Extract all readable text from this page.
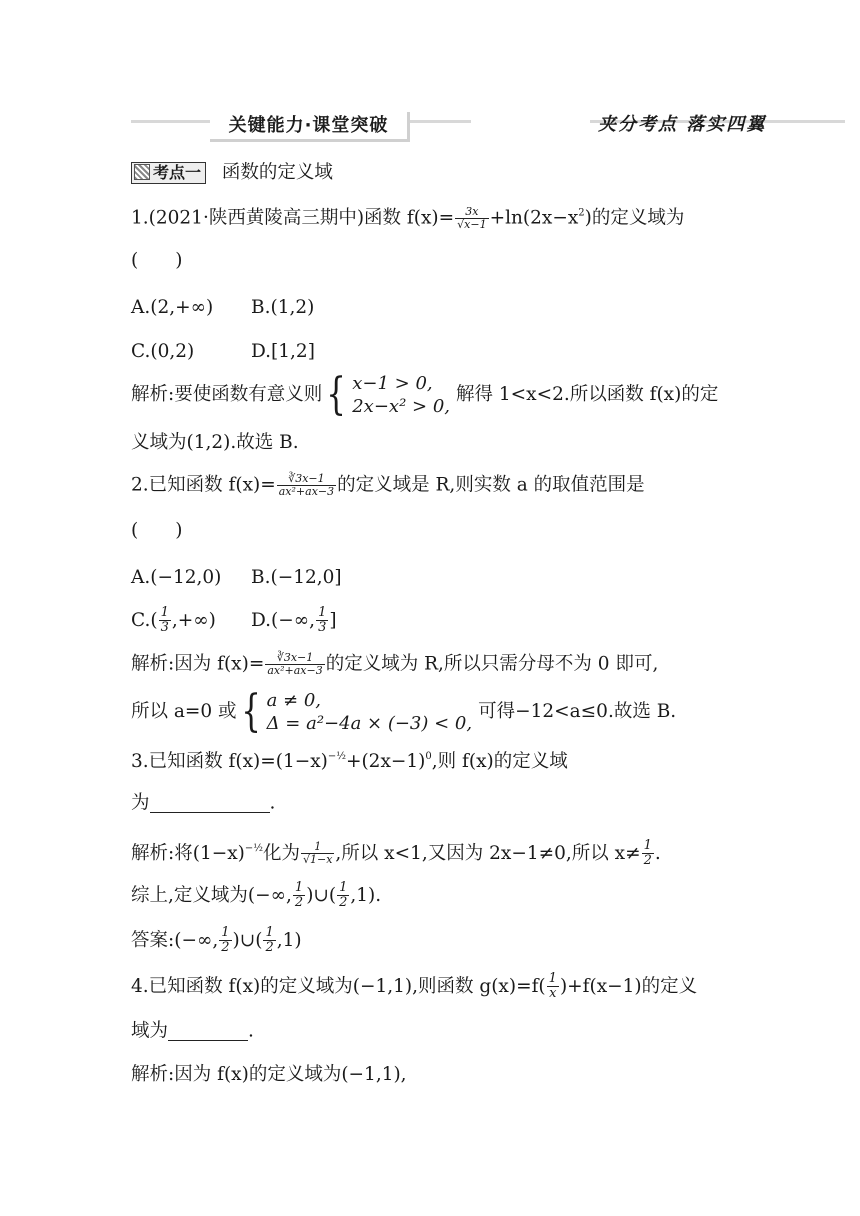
关键能力·课堂突破	夹分考点 落实四翼
考点一 函数的定义域
1.(2021·陕西黄陵高三期中)函数 $f(x)= \frac{3x}{√x-1} +\ln(2x-x^2)$的定义域为
(　　)
A.(2,+∞) B.(1,2)
C.(0,2)	D.[1,2]
解析:要使函数有意义则{ x−1 > 0,
2x−x² > 0,
解得 1<x<2.所以函数 f(x)的定
义域为(1,2).故选 B.
2.已知函数 $f(x)= \frac{∛3x-1}{\text{ax²+ax−3}}$ 的定义域是 R,则实数 a 的取值范围是
(　　)
A.(−12,0) B.(−12,0]
$C.( \frac{1}{3}$ ,+∞) D.(−∞, $\frac{1}{3}$ ]
解析:因为 $f(x)= \frac{∛3x-1}{\text{ax²+ax−3}}$ 的定义域为 R,所以只需分母不为 0 即可,
所以 a=0 或{ a ≠ 0,
Δ = a²−4a × (−3) < 0,
可得−12<a≤0.故选 B.
3.已知函数 $f(x)=(1-x)^{-\frac{1}{2}}+(2x-1)^0$,则 f(x)的定义域
为	.
解析:将$(1-x)^{-\frac{1}{2}}$化为 $\frac{1}{√1-x}$ ,所以 x<1,又因为 2x−1≠0,所以 $x\ne \frac{1}{2}$ .
综上,定义域为(−∞, $\frac{1}{2}$ )∪( $\frac{1}{2} ,1$).
答案:(−∞, $\frac{1}{2}$ )∪( $\frac{1}{2} ,1$)
4.已知函数 f(x)的定义域为(−1,1),则函数 $g(x)=f( \frac{1}{x} )+f(x-1)$的定义
域为	.
解析:因为 f(x)的定义域为(−1,1),
